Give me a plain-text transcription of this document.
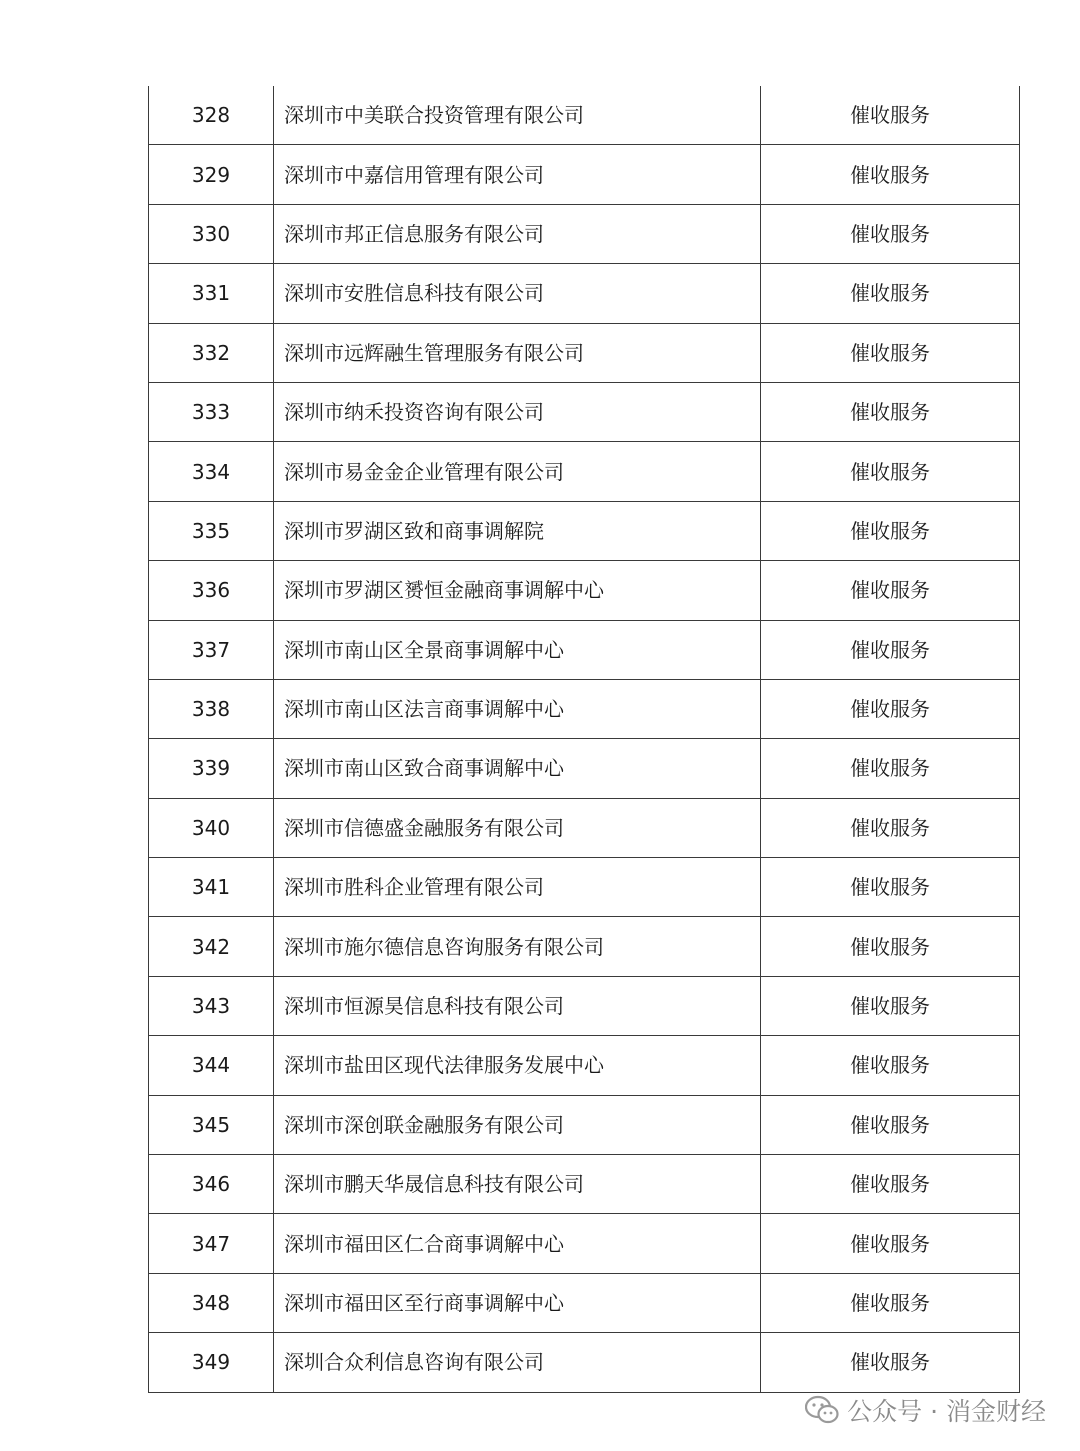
328	深圳市中美联合投资管理有限公司	催收服务
329	深圳市中嘉信用管理有限公司	催收服务
330	深圳市邦正信息服务有限公司	催收服务
331	深圳市安胜信息科技有限公司	催收服务
332	深圳市远辉融生管理服务有限公司	催收服务
333	深圳市纳禾投资咨询有限公司	催收服务
334	深圳市易金金企业管理有限公司	催收服务
335	深圳市罗湖区致和商事调解院	催收服务
336	深圳市罗湖区赟恒金融商事调解中心	催收服务
337	深圳市南山区全景商事调解中心	催收服务
338	深圳市南山区法言商事调解中心	催收服务
339	深圳市南山区致合商事调解中心	催收服务
340	深圳市信德盛金融服务有限公司	催收服务
341	深圳市胜科企业管理有限公司	催收服务
342	深圳市施尔德信息咨询服务有限公司	催收服务
343	深圳市恒源昊信息科技有限公司	催收服务
344	深圳市盐田区现代法律服务发展中心	催收服务
345	深圳市深创联金融服务有限公司	催收服务
346	深圳市鹏天华晟信息科技有限公司	催收服务
347	深圳市福田区仁合商事调解中心	催收服务
348	深圳市福田区至行商事调解中心	催收服务
349	深圳合众利信息咨询有限公司	催收服务
公众号 · 消金财经
